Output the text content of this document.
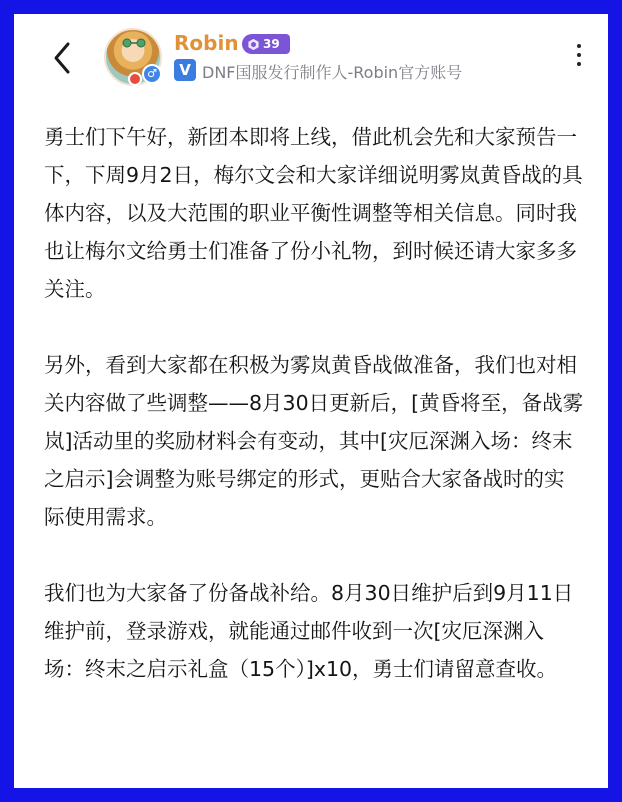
♂
Robin 39
V DNF国服发行制作人-Robin官方账号

勇士们下午好，新团本即将上线，借此机会先和大家预告一下，下周9月2日，梅尔文会和大家详细说明雾岚黄昏战的具体内容，以及大范围的职业平衡性调整等相关信息。同时我也让梅尔文给勇士们准备了份小礼物，到时候还请大家多多关注。

另外，看到大家都在积极为雾岚黄昏战做准备，我们也对相关内容做了些调整——8月30日更新后，[黄昏将至，备战雾岚]活动里的奖励材料会有变动，其中[灾厄深渊入场：终末之启示]会调整为账号绑定的形式，更贴合大家备战时的实际使用需求。

我们也为大家备了份备战补给。8月30日维护后到9月11日维护前，登录游戏，就能通过邮件收到一次[灾厄深渊入场：终末之启示礼盒（15个）]x10，勇士们请留意查收。
